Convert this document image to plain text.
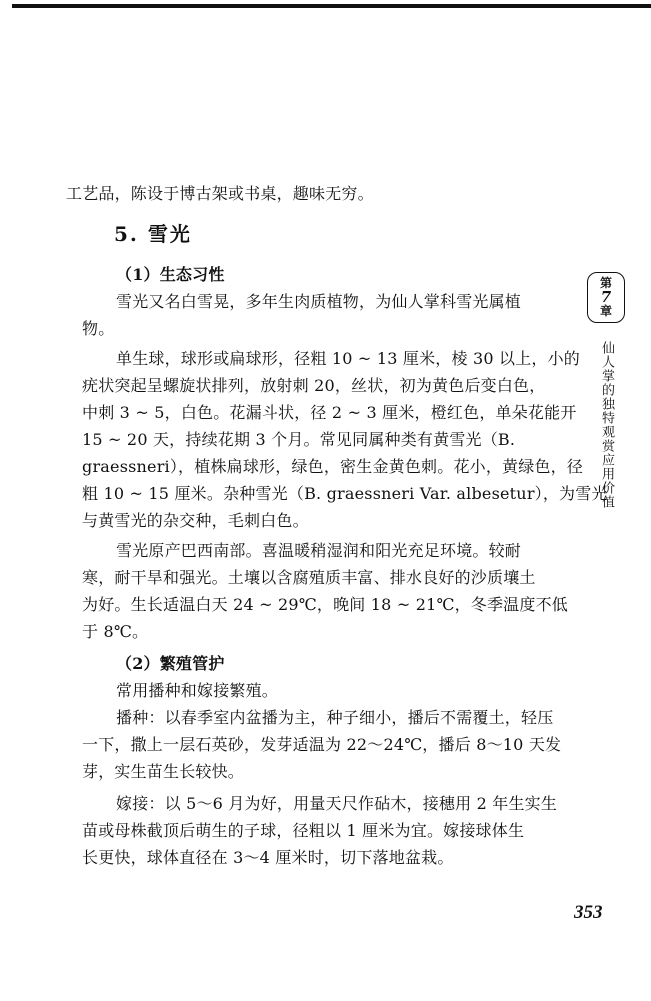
工艺品，陈设于博古架或书桌，趣味无穷。
5. 雪光
（1）生态习性
雪光又名白雪晃，多年生肉质植物，为仙人掌科雪光属植
物。
单生球，球形或扁球形，径粗 10 ~ 13 厘米，棱 30 以上，小的
疣状突起呈螺旋状排列，放射刺 20，丝状，初为黄色后变白色，
中刺 3 ~ 5，白色。花漏斗状，径 2 ~ 3 厘米，橙红色，单朵花能开
15 ~ 20 天，持续花期 3 个月。常见同属种类有黄雪光（B.
graessneri），植株扁球形，绿色，密生金黄色刺。花小，黄绿色，径
粗 10 ~ 15 厘米。杂种雪光（B. graessneri Var. albesetur），为雪光
与黄雪光的杂交种，毛刺白色。
雪光原产巴西南部。喜温暖稍湿润和阳光充足环境。较耐
寒，耐干旱和强光。土壤以含腐殖质丰富、排水良好的沙质壤土
为好。生长适温白天 24 ~ 29℃，晚间 18 ~ 21℃，冬季温度不低
于 8℃。
（2）繁殖管护
常用播种和嫁接繁殖。
播种：以春季室内盆播为主，种子细小，播后不需覆土，轻压
一下，撒上一层石英砂，发芽适温为 22～24℃，播后 8～10 天发
芽，实生苗生长较快。
嫁接：以 5～6 月为好，用量天尺作砧木，接穗用 2 年生实生
苗或母株截顶后萌生的子球，径粗以 1 厘米为宜。嫁接球体生
长更快，球体直径在 3～4 厘米时，切下落地盆栽。
第
7
章
仙人掌的独特观赏应用价值
353
